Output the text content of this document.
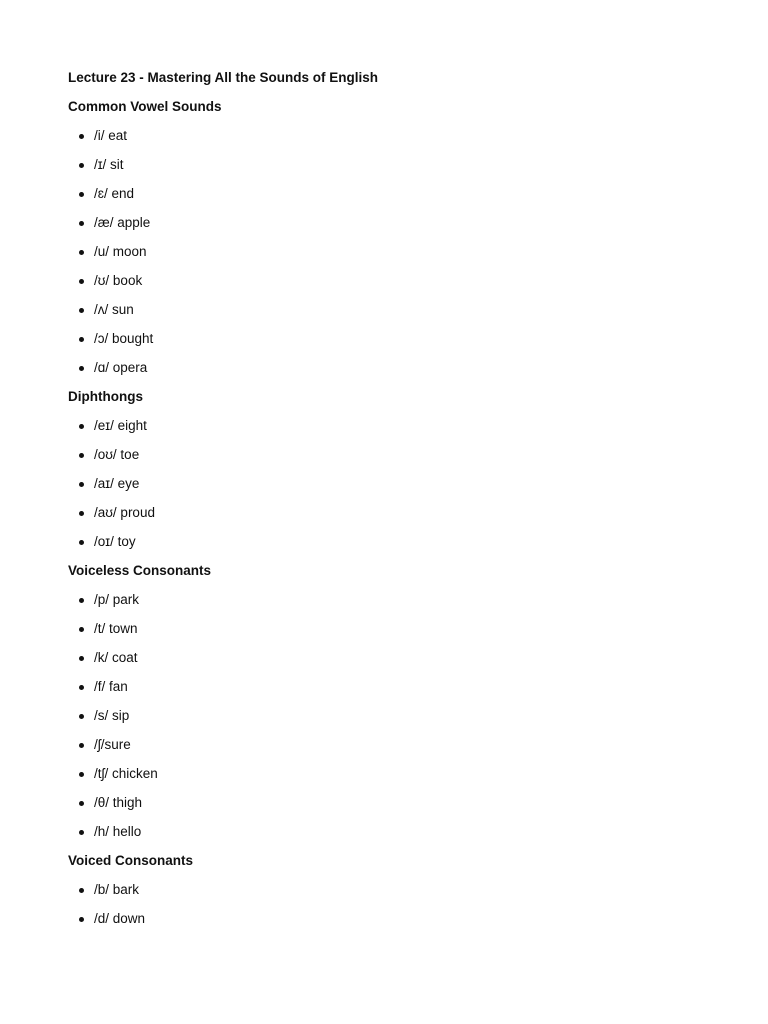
Lecture 23 - Mastering All the Sounds of English
Common Vowel Sounds
/i/ eat
/ɪ/ sit
/ɛ/ end
/æ/ apple
/u/ moon
/ʊ/ book
/ʌ/ sun
/ɔ/ bought
/ɑ/ opera
Diphthongs
/eɪ/ eight
/oʊ/ toe
/aɪ/ eye
/aʊ/ proud
/oɪ/ toy
Voiceless Consonants
/p/ park
/t/ town
/k/ coat
/f/ fan
/s/ sip
/ʃ/sure
/tʃ/ chicken
/θ/ thigh
/h/ hello
Voiced Consonants
/b/ bark
/d/ down
